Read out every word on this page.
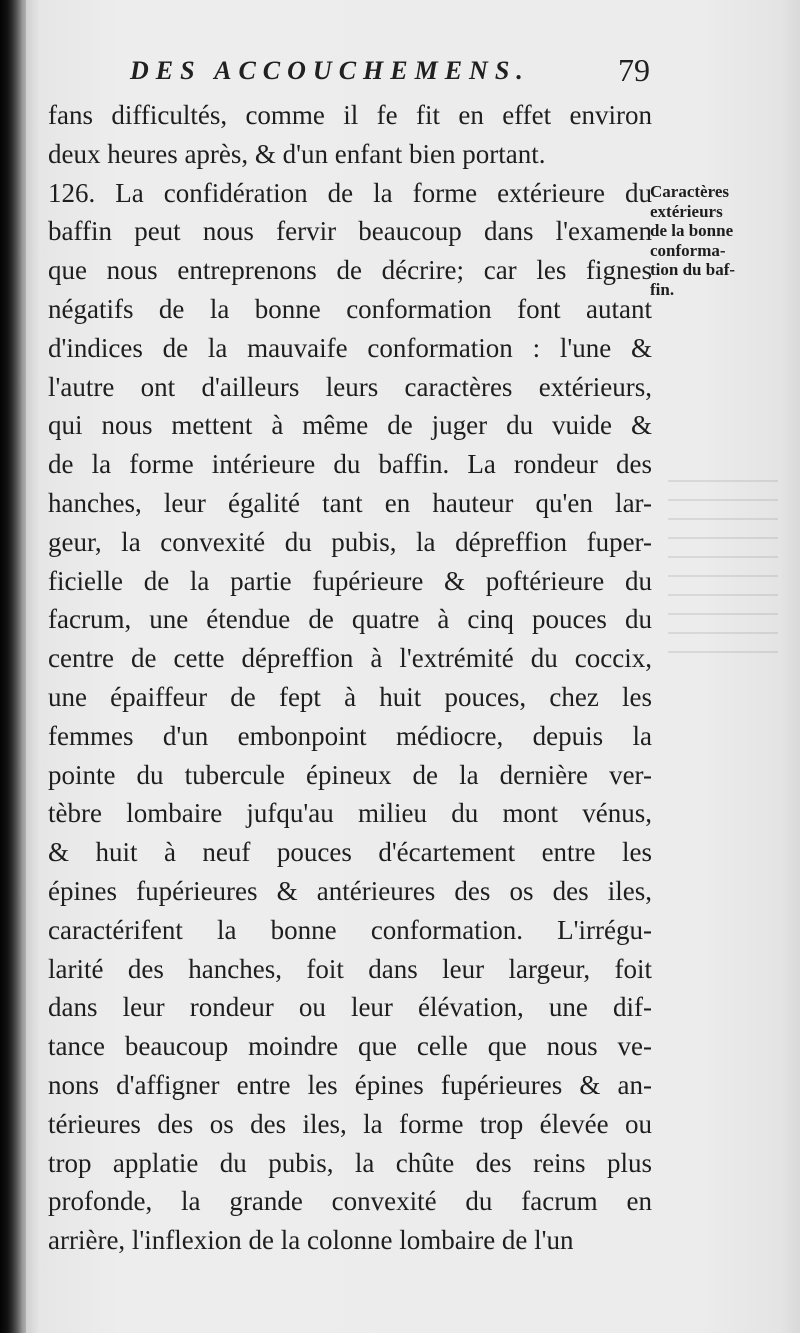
DES ACCOUCHEMENS.	79
Caractères
extérieurs
de la bonne
conforma-
tion du baf-
fin.
fans difficultés, comme il fe fit en effet environ
deux heures après, & d'un enfant bien portant.
126. La confidération de la forme extérieure du
baffin peut nous fervir beaucoup dans l'examen
que nous entreprenons de décrire; car les fignes
négatifs de la bonne conformation font autant
d'indices de la mauvaife conformation : l'une &
l'autre ont d'ailleurs leurs caractères extérieurs,
qui nous mettent à même de juger du vuide &
de la forme intérieure du baffin. La rondeur des
hanches, leur égalité tant en hauteur qu'en lar-
geur, la convexité du pubis, la dépreffion fuper-
ficielle de la partie fupérieure & poftérieure du
facrum, une étendue de quatre à cinq pouces du
centre de cette dépreffion à l'extrémité du coccix,
une épaiffeur de fept à huit pouces, chez les
femmes d'un embonpoint médiocre, depuis la
pointe du tubercule épineux de la dernière ver-
tèbre lombaire jufqu'au milieu du mont vénus,
& huit à neuf pouces d'écartement entre les
épines fupérieures & antérieures des os des iles,
caractérifent la bonne conformation. L'irrégu-
larité des hanches, foit dans leur largeur, foit
dans leur rondeur ou leur élévation, une dif-
tance beaucoup moindre que celle que nous ve-
nons d'affigner entre les épines fupérieures & an-
térieures des os des iles, la forme trop élevée ou
trop applatie du pubis, la chûte des reins plus
profonde, la grande convexité du facrum en
arrière, l'inflexion de la colonne lombaire de l'un
